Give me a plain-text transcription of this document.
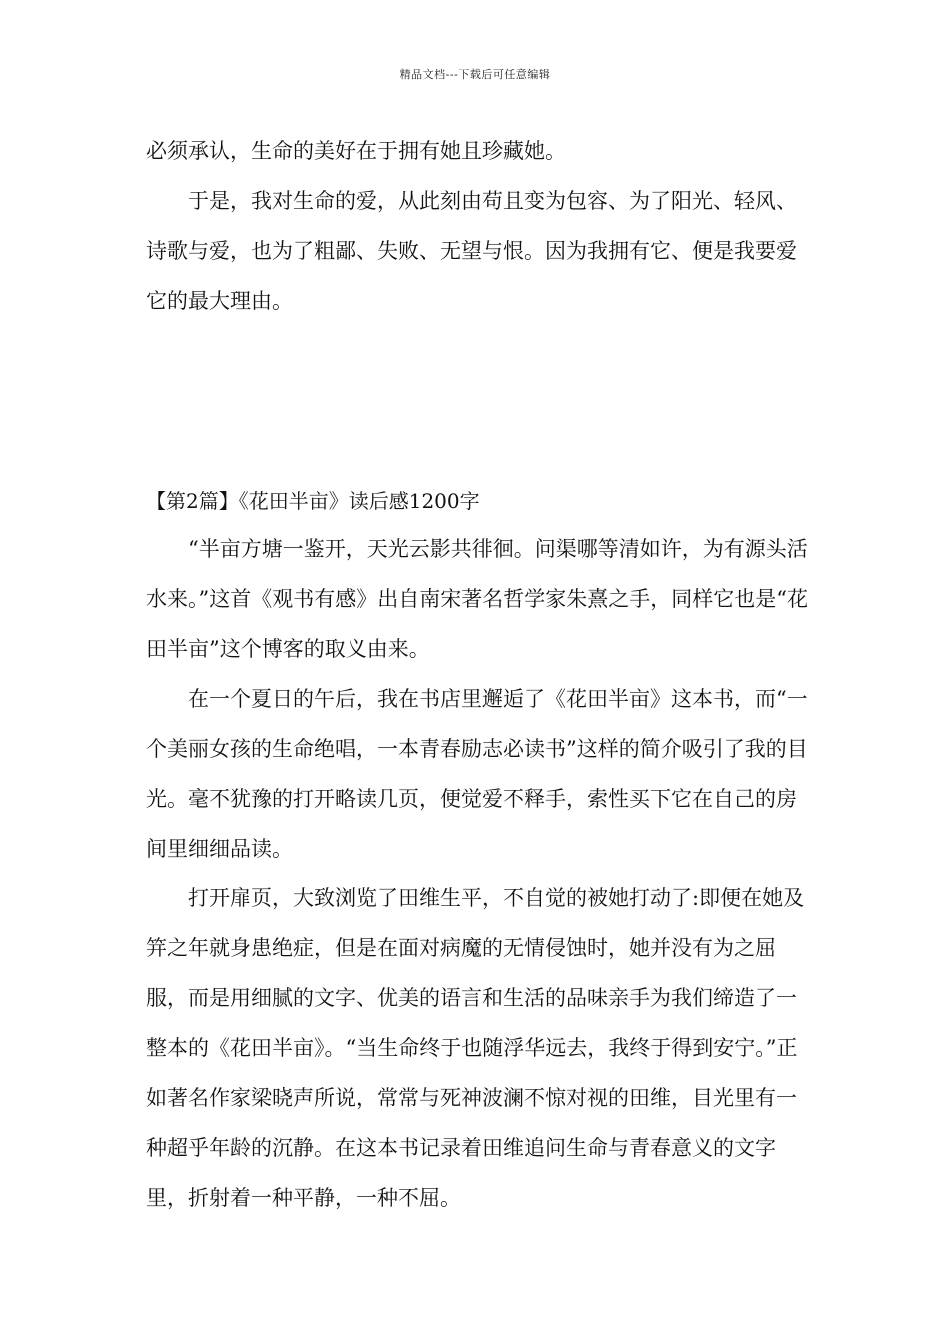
精品文档---下载后可任意编辑

必须承认，生命的美好在于拥有她且珍藏她。

于是，我对生命的爱，从此刻由苟且变为包容、为了阳光、轻风、诗歌与爱，也为了粗鄙、失败、无望与恨。因为我拥有它、便是我要爱它的最大理由。

【第2篇】《花田半亩》读后感1200字

“半亩方塘一鉴开，天光云影共徘徊。问渠哪等清如许，为有源头活水来。”这首《观书有感》出自南宋著名哲学家朱熹之手，同样它也是“花田半亩”这个博客的取义由来。

在一个夏日的午后，我在书店里邂逅了《花田半亩》这本书，而“一个美丽女孩的生命绝唱，一本青春励志必读书”这样的简介吸引了我的目光。毫不犹豫的打开略读几页，便觉爱不释手，索性买下它在自己的房间里细细品读。

打开扉页，大致浏览了田维生平，不自觉的被她打动了:即便在她及笄之年就身患绝症，但是在面对病魔的无情侵蚀时，她并没有为之屈服，而是用细腻的文字、优美的语言和生活的品味亲手为我们缔造了一整本的《花田半亩》。“当生命终于也随浮华远去，我终于得到安宁。”正如著名作家梁晓声所说，常常与死神波澜不惊对视的田维，目光里有一种超乎年龄的沉静。在这本书记录着田维追问生命与青春意义的文字里，折射着一种平静，一种不屈。
